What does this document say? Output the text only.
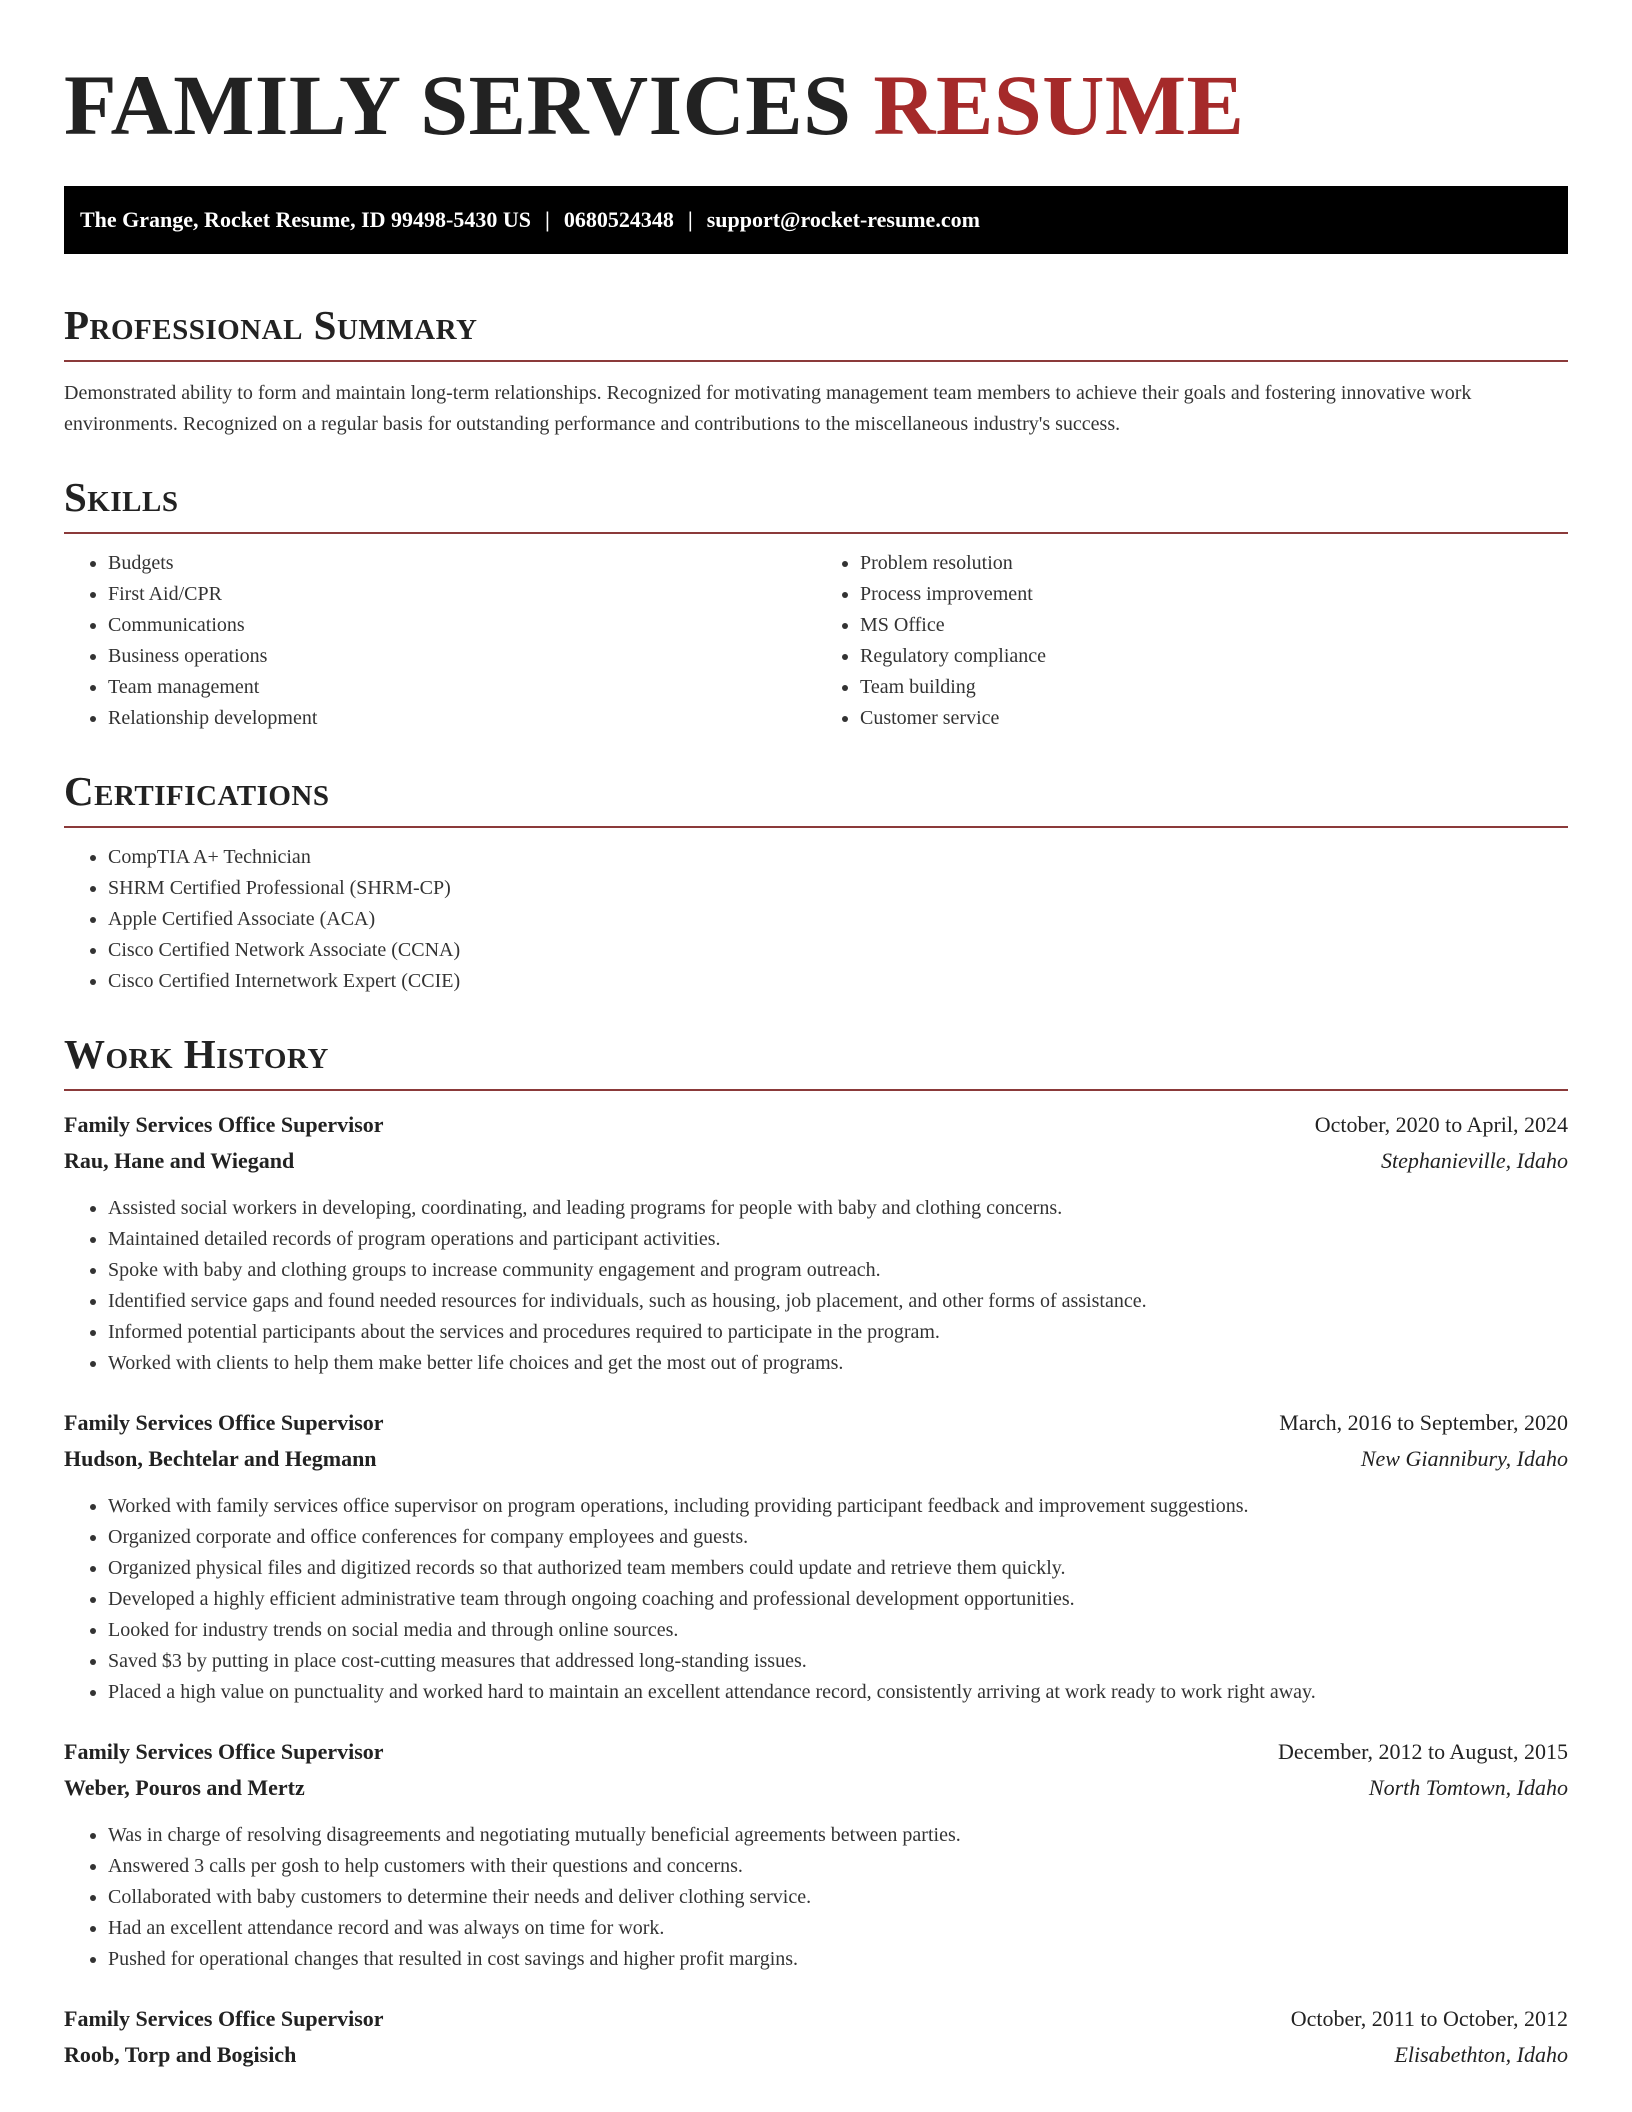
FAMILY SERVICES RESUME
The Grange, Rocket Resume, ID 99498-5430 US | 0680524348 | support@rocket-resume.com
Professional Summary

Demonstrated ability to form and maintain long-term relationships. Recognized for motivating management team members to achieve their goals and fostering innovative work environments. Recognized on a regular basis for outstanding performance and contributions to the miscellaneous industry's success.

Skills
• Budgets
• First Aid/CPR
• Communications
• Business operations
• Team management
• Relationship development
• Problem resolution
• Process improvement
• MS Office
• Regulatory compliance
• Team building
• Customer service
Certifications
• CompTIA A+ Technician
• SHRM Certified Professional (SHRM-CP)
• Apple Certified Associate (ACA)
• Cisco Certified Network Associate (CCNA)
• Cisco Certified Internetwork Expert (CCIE)
Work History
Family Services Office Supervisor	October, 2020 to April, 2024
Rau, Hane and Wiegand	Stephanieville, Idaho
• Assisted social workers in developing, coordinating, and leading programs for people with baby and clothing concerns.
• Maintained detailed records of program operations and participant activities.
• Spoke with baby and clothing groups to increase community engagement and program outreach.
• Identified service gaps and found needed resources for individuals, such as housing, job placement, and other forms of assistance.
• Informed potential participants about the services and procedures required to participate in the program.
• Worked with clients to help them make better life choices and get the most out of programs.
Family Services Office Supervisor	March, 2016 to September, 2020
Hudson, Bechtelar and Hegmann	New Giannibury, Idaho
• Worked with family services office supervisor on program operations, including providing participant feedback and improvement suggestions.
• Organized corporate and office conferences for company employees and guests.
• Organized physical files and digitized records so that authorized team members could update and retrieve them quickly.
• Developed a highly efficient administrative team through ongoing coaching and professional development opportunities.
• Looked for industry trends on social media and through online sources.
• Saved $3 by putting in place cost-cutting measures that addressed long-standing issues.
• Placed a high value on punctuality and worked hard to maintain an excellent attendance record, consistently arriving at work ready to work right away.
Family Services Office Supervisor	December, 2012 to August, 2015
Weber, Pouros and Mertz	North Tomtown, Idaho
• Was in charge of resolving disagreements and negotiating mutually beneficial agreements between parties.
• Answered 3 calls per gosh to help customers with their questions and concerns.
• Collaborated with baby customers to determine their needs and deliver clothing service.
• Had an excellent attendance record and was always on time for work.
• Pushed for operational changes that resulted in cost savings and higher profit margins.
Family Services Office Supervisor	October, 2011 to October, 2012
Roob, Torp and Bogisich	Elisabethton, Idaho
